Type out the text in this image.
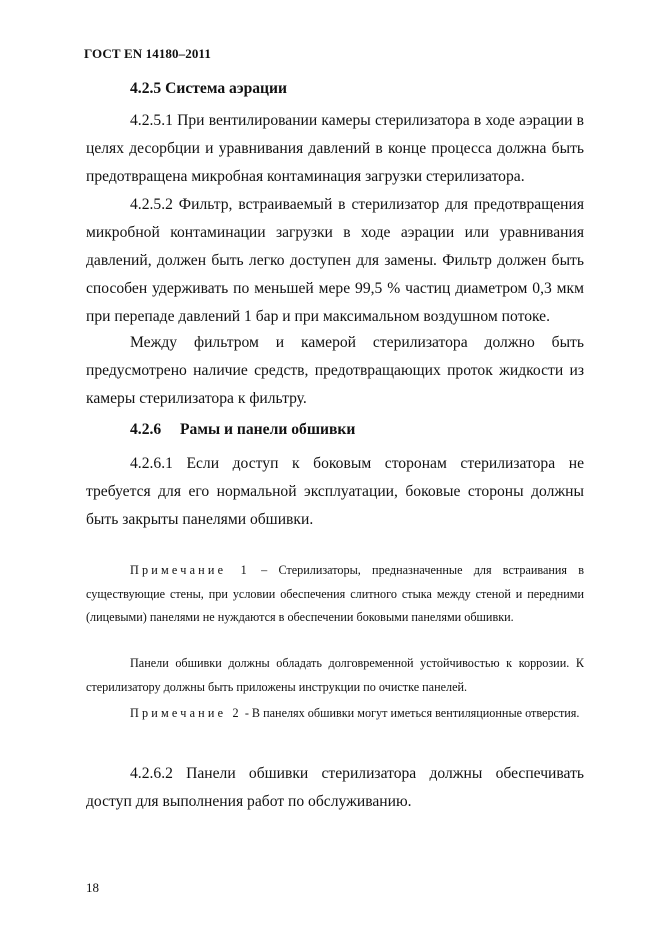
ГОСТ EN 14180–2011
4.2.5 Система аэрации
4.2.5.1 При вентилировании камеры стерилизатора в ходе аэрации в целях десорбции и уравнивания давлений в конце процесса должна быть предотвращена микробная контаминация загрузки стерилизатора.
4.2.5.2 Фильтр, встраиваемый в стерилизатор для предотвращения микробной контаминации загрузки в ходе аэрации или уравнивания давлений, должен быть легко доступен для замены. Фильтр должен быть способен удерживать по меньшей мере 99,5 % частиц диаметром 0,3 мкм при перепаде давлений 1 бар и при максимальном воздушном потоке.
Между фильтром и камерой стерилизатора должно быть предусмотрено наличие средств, предотвращающих проток жидкости из камеры стерилизатора к фильтру.
4.2.6 Рамы и панели обшивки
4.2.6.1 Если доступ к боковым сторонам стерилизатора не требуется для его нормальной эксплуатации, боковые стороны должны быть закрыты панелями обшивки.
Примечание 1 – Стерилизаторы, предназначенные для встраивания в существующие стены, при условии обеспечения слитного стыка между стеной и передними (лицевыми) панелями не нуждаются в обеспечении боковыми панелями обшивки.
Панели обшивки должны обладать долговременной устойчивостью к коррозии. К стерилизатору должны быть приложены инструкции по очистке панелей.
Примечание 2 - В панелях обшивки могут иметься вентиляционные отверстия.
4.2.6.2 Панели обшивки стерилизатора должны обеспечивать доступ для выполнения работ по обслуживанию.
18
